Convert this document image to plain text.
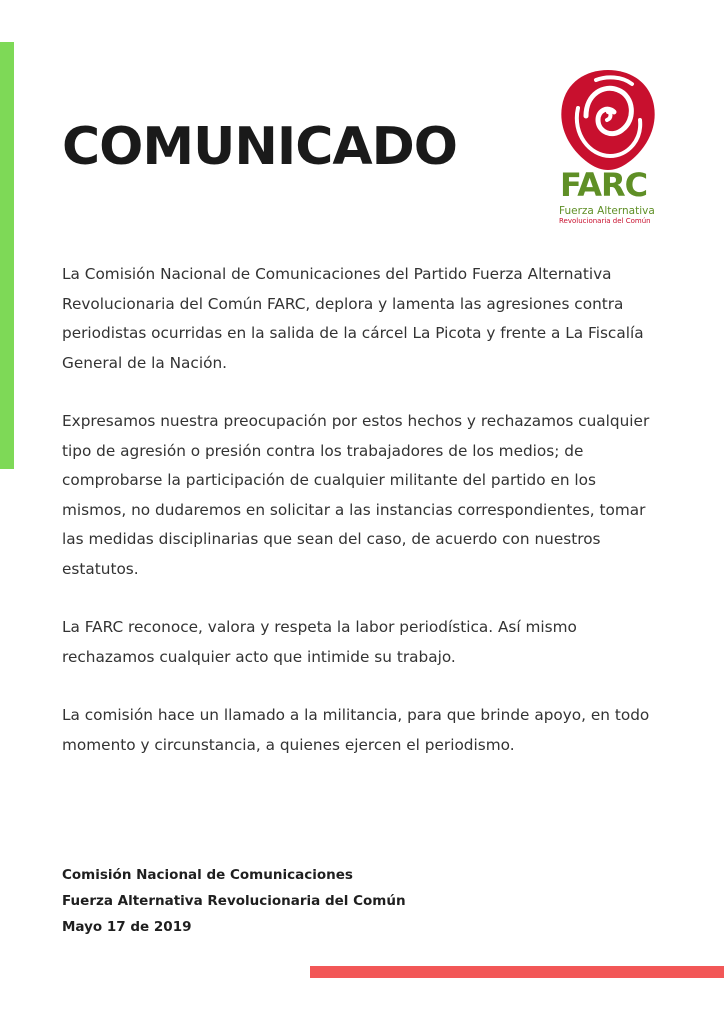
COMUNICADO
FARC
Fuerza Alternativa
Revolucionaria del Común

La Comisión Nacional de Comunicaciones del Partido Fuerza Alternativa Revolucionaria del Común FARC, deplora y lamenta las agresiones contra periodistas ocurridas en la salida de la cárcel La Picota y frente a La Fiscalía General de la Nación.

Expresamos nuestra preocupación por estos hechos y rechazamos cualquier tipo de agresión o presión contra los trabajadores de los medios; de comprobarse la participación de cualquier militante del partido en los mismos, no dudaremos en solicitar a las instancias correspondientes, tomar las medidas disciplinarias que sean del caso, de acuerdo con nuestros estatutos.

La FARC reconoce, valora y respeta la labor periodística. Así mismo rechazamos cualquier acto que intimide su trabajo.

La comisión hace un llamado a la militancia, para que brinde apoyo, en todo momento y circunstancia, a quienes ejercen el periodismo.

Comisión Nacional de Comunicaciones
Fuerza Alternativa Revolucionaria del Común
Mayo 17 de 2019
